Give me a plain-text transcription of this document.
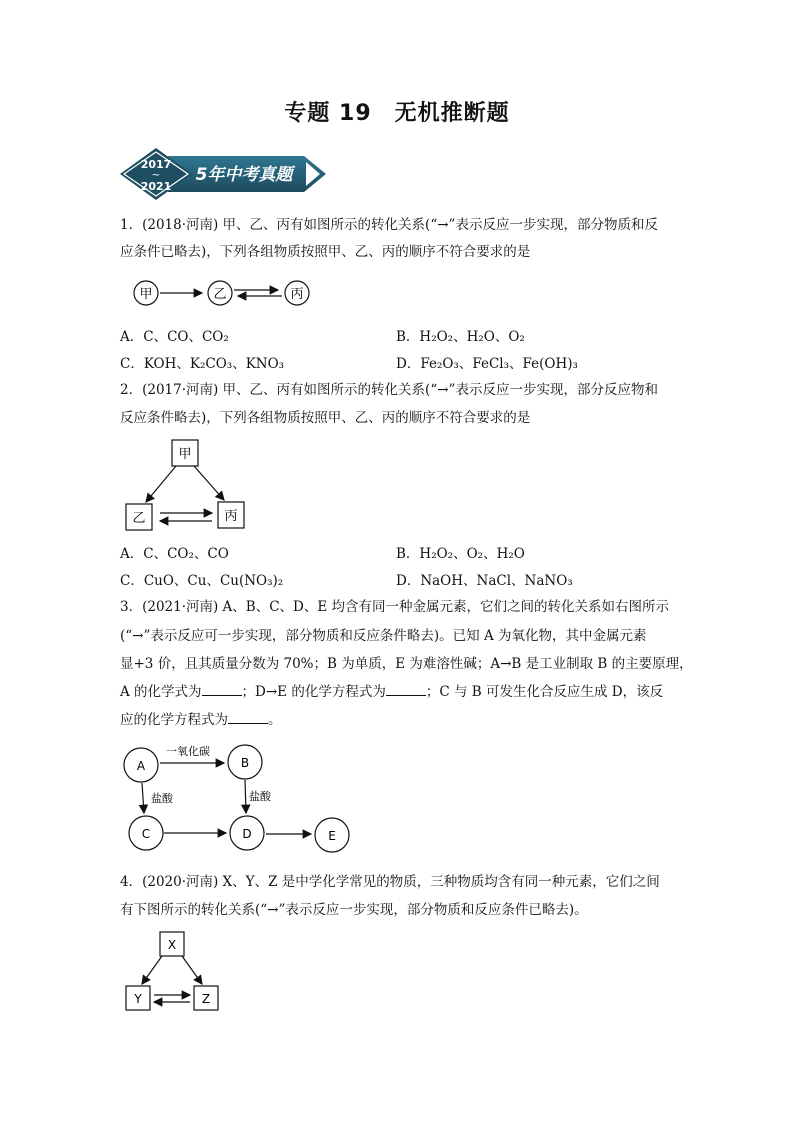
专题 19　无机推断题
2017
~
2021
5年中考真题
1．(2018·河南) 甲、乙、丙有如图所示的转化关系(“→”表示反应一步实现，部分物质和反
应条件已略去)，下列各组物质按照甲、乙、丙的顺序不符合要求的是
甲	乙	丙
A．C、CO、CO₂	B．H₂O₂、H₂O、O₂
C．KOH、K₂CO₃、KNO₃	D．Fe₂O₃、FeCl₃、Fe(OH)₃
2．(2017·河南) 甲、乙、丙有如图所示的转化关系(“→”表示反应一步实现，部分反应物和
反应条件略去)，下列各组物质按照甲、乙、丙的顺序不符合要求的是
甲
乙	丙
A．C、CO₂、CO	B．H₂O₂、O₂、H₂O
C．CuO、Cu、Cu(NO₃)₂	D．NaOH、NaCl、NaNO₃
3．(2021·河南) A、B、C、D、E 均含有同一种金属元素，它们之间的转化关系如右图所示
(“→”表示反应可一步实现，部分物质和反应条件略去)。已知 A 为氧化物，其中金属元素
显+3 价，且其质量分数为 70%；B 为单质，E 为难溶性碱；A→B 是工业制取 B 的主要原理，
A 的化学式为	；D→E 的化学方程式为	；C 与 B 可发生化合反应生成 D，该反
应的化学方程式为	。
A	B
C	D	E
一氧化碳
盐酸	盐酸
4．(2020·河南) X、Y、Z 是中学化学常见的物质，三种物质均含有同一种元素，它们之间
有下图所示的转化关系(“→”表示反应一步实现，部分物质和反应条件已略去)。
X
Y	Z
